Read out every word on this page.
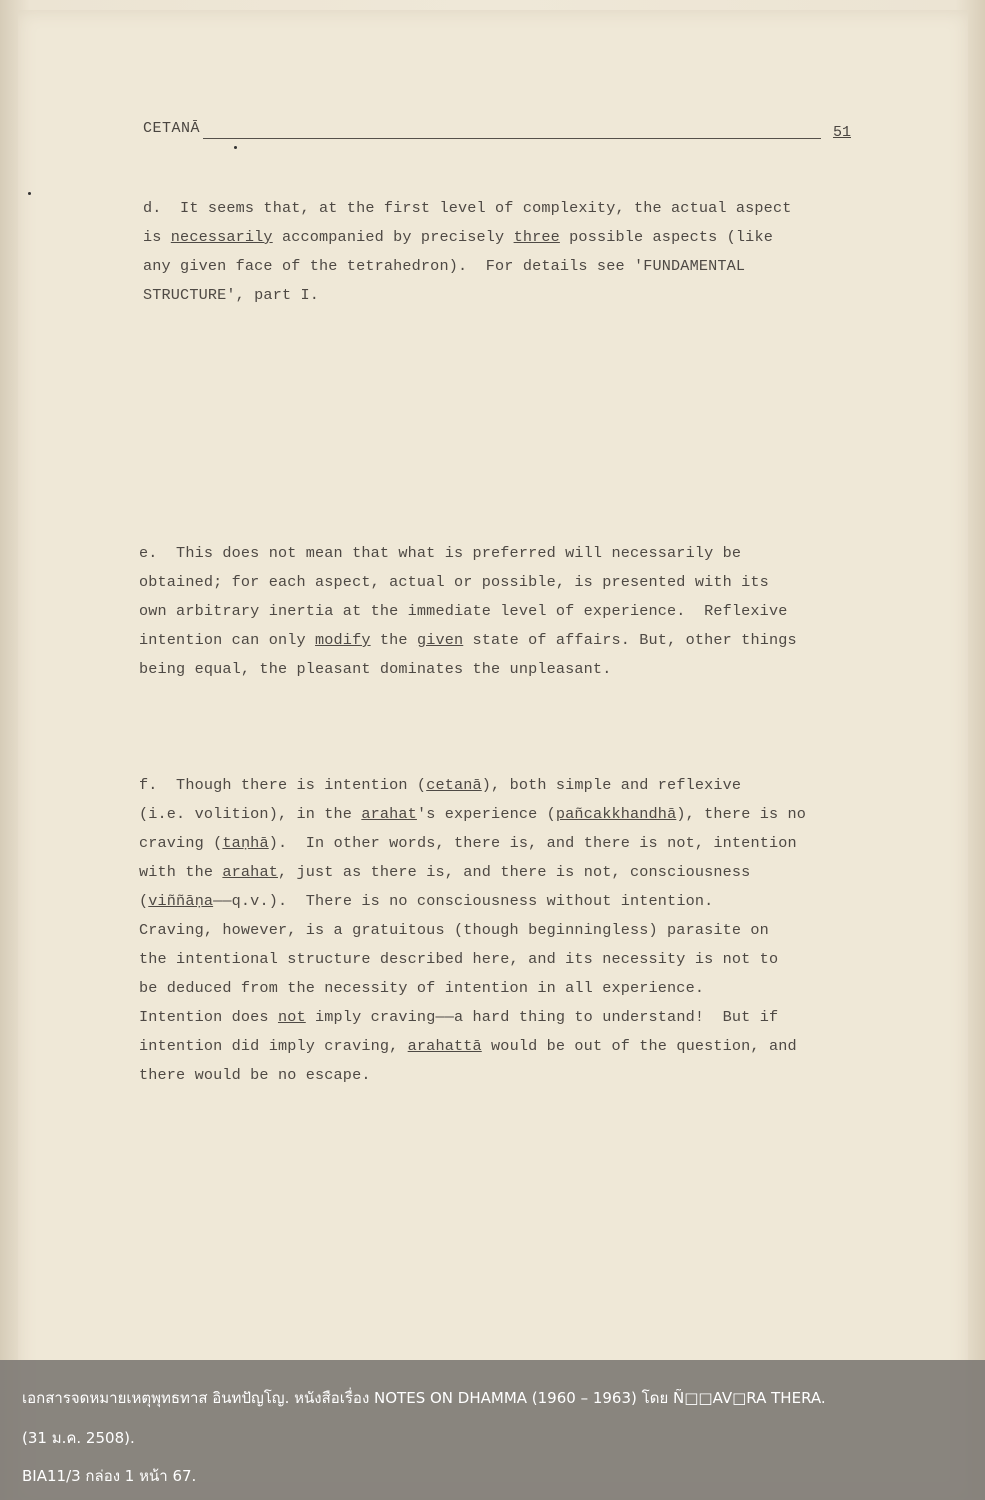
CETANĀ	51
d.  It seems that, at the first level of complexity, the actual aspect
is necessarily accompanied by precisely three possible aspects (like
any given face of the tetrahedron).  For details see 'FUNDAMENTAL
STRUCTURE', part I.
e.  This does not mean that what is preferred will necessarily be
obtained; for each aspect, actual or possible, is presented with its
own arbitrary inertia at the immediate level of experience.  Reflexive
intention can only modify the given state of affairs. But, other things
being equal, the pleasant dominates the unpleasant.
f.  Though there is intention (cetanā), both simple and reflexive
(i.e. volition), in the arahat's experience (pañcakkhandhā), there is no
craving (taṇhā).  In other words, there is, and there is not, intention
with the arahat, just as there is, and there is not, consciousness
(viññāṇa——q.v.).  There is no consciousness without intention.
Craving, however, is a gratuitous (though beginningless) parasite on
the intentional structure described here, and its necessity is not to
be deduced from the necessity of intention in all experience.
Intention does not imply craving——a hard thing to understand!  But if
intention did imply craving, arahattā would be out of the question, and
there would be no escape.
เอกสารจดหมายเหตุพุทธทาส อินทปัญโญ. หนังสือเรื่อง NOTES ON DHAMMA (1960 – 1963) โดย Ñ□□AV□RA THERA.
(31 ม.ค. 2508).
BIA11/3 กล่อง 1 หน้า 67.
